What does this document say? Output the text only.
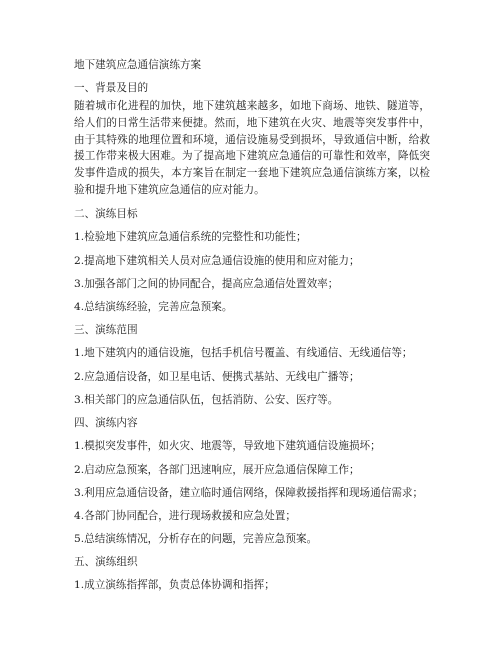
地下建筑应急通信演练方案
一、背景及目的
随着城市化进程的加快，地下建筑越来越多，如地下商场、地铁、隧道等，给人们的日常生活带来便捷。然而，地下建筑在火灾、地震等突发事件中，由于其特殊的地理位置和环境，通信设施易受到损坏，导致通信中断，给救援工作带来极大困难。为了提高地下建筑应急通信的可靠性和效率，降低突发事件造成的损失，本方案旨在制定一套地下建筑应急通信演练方案，以检验和提升地下建筑应急通信的应对能力。
二、演练目标
1.检验地下建筑应急通信系统的完整性和功能性；
2.提高地下建筑相关人员对应急通信设施的使用和应对能力；
3.加强各部门之间的协同配合，提高应急通信处置效率；
4.总结演练经验，完善应急预案。
三、演练范围
1.地下建筑内的通信设施，包括手机信号覆盖、有线通信、无线通信等；
2.应急通信设备，如卫星电话、便携式基站、无线电广播等；
3.相关部门的应急通信队伍，包括消防、公安、医疗等。
四、演练内容
1.模拟突发事件，如火灾、地震等，导致地下建筑通信设施损坏；
2.启动应急预案，各部门迅速响应，展开应急通信保障工作；
3.利用应急通信设备，建立临时通信网络，保障救援指挥和现场通信需求；
4.各部门协同配合，进行现场救援和应急处置；
5.总结演练情况，分析存在的问题，完善应急预案。
五、演练组织
1.成立演练指挥部，负责总体协调和指挥；
